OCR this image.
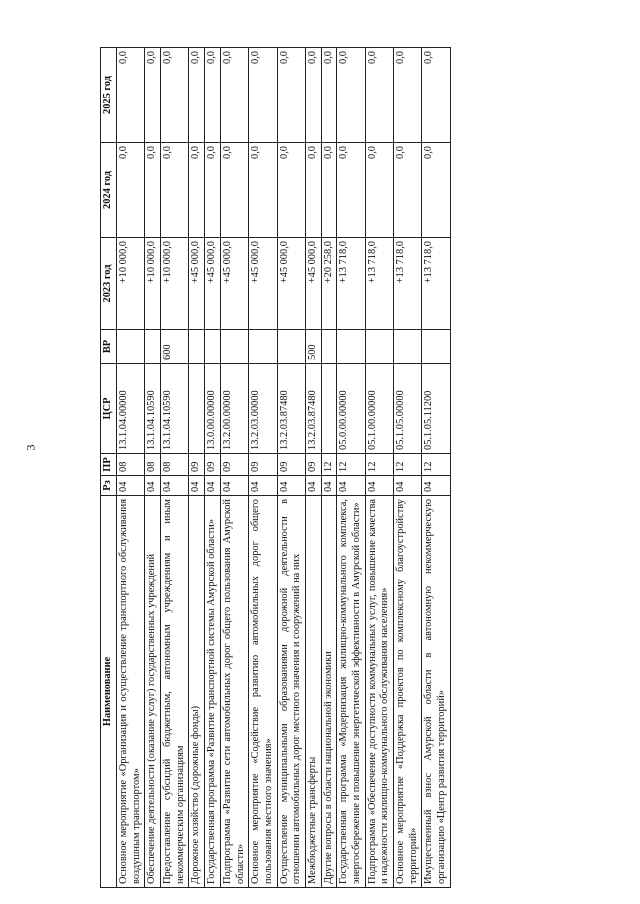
3
Наименование	Рз	ПР	ЦСР	ВР	2023 год	2024 год	2025 год
Основное мероприятие «Организация и осуществление транспортного обслуживания воздушным транспортом»	04	08	13.1.04.00000		+10 000,0	0,0	0,0
Обеспечение деятельности (оказание услуг) государственных учреждений	04	08	13.1.04.10590		+10 000,0	0,0	0,0
Предоставление субсидий бюджетным, автономным учреждениям и иным некоммерческим организациям	04	08	13.1.04.10590	600	+10 000,0	0,0	0,0
Дорожное хозяйство (дорожные фонды)	04	09			+45 000,0	0,0	0,0
Государственная программа «Развитие транспортной системы Амурской области»	04	09	13.0.00.00000		+45 000,0	0,0	0,0
Подпрограмма «Развитие сети автомобильных дорог общего пользования Амурской области»	04	09	13.2.00.00000		+45 000,0	0,0	0,0
Основное мероприятие «Содействие развитию автомобильных дорог общего пользования местного значения»	04	09	13.2.03.00000		+45 000,0	0,0	0,0
Осуществление муниципальными образованиями дорожной деятельности в отношении автомобильных дорог местного значения и сооружений на них	04	09	13.2.03.87480		+45 000,0	0,0	0,0
Межбюджетные трансферты	04	09	13.2.03.87480	500	+45 000,0	0,0	0,0
Другие вопросы в области национальной экономики	04	12			+20 258,0	0,0	0,0
Государственная программа «Модернизация жилищно-коммунального комплекса, энергосбережение и повышение энергетической эффективности в Амурской области»	04	12	05.0.00.00000		+13 718,0	0,0	0,0
Подпрограмма «Обеспечение доступности коммунальных услуг, повышение качества и надежности жилищно-коммунального обслуживания населения»	04	12	05.1.00.00000		+13 718,0	0,0	0,0
Основное мероприятие «Поддержка проектов по комплексному благоустройству территорий»	04	12	05.1.05.00000		+13 718,0	0,0	0,0
Имущественный взнос Амурской области в автономную некоммерческую организацию «Центр развития территорий»	04	12	05.1.05.11200		+13 718,0	0,0	0,0
